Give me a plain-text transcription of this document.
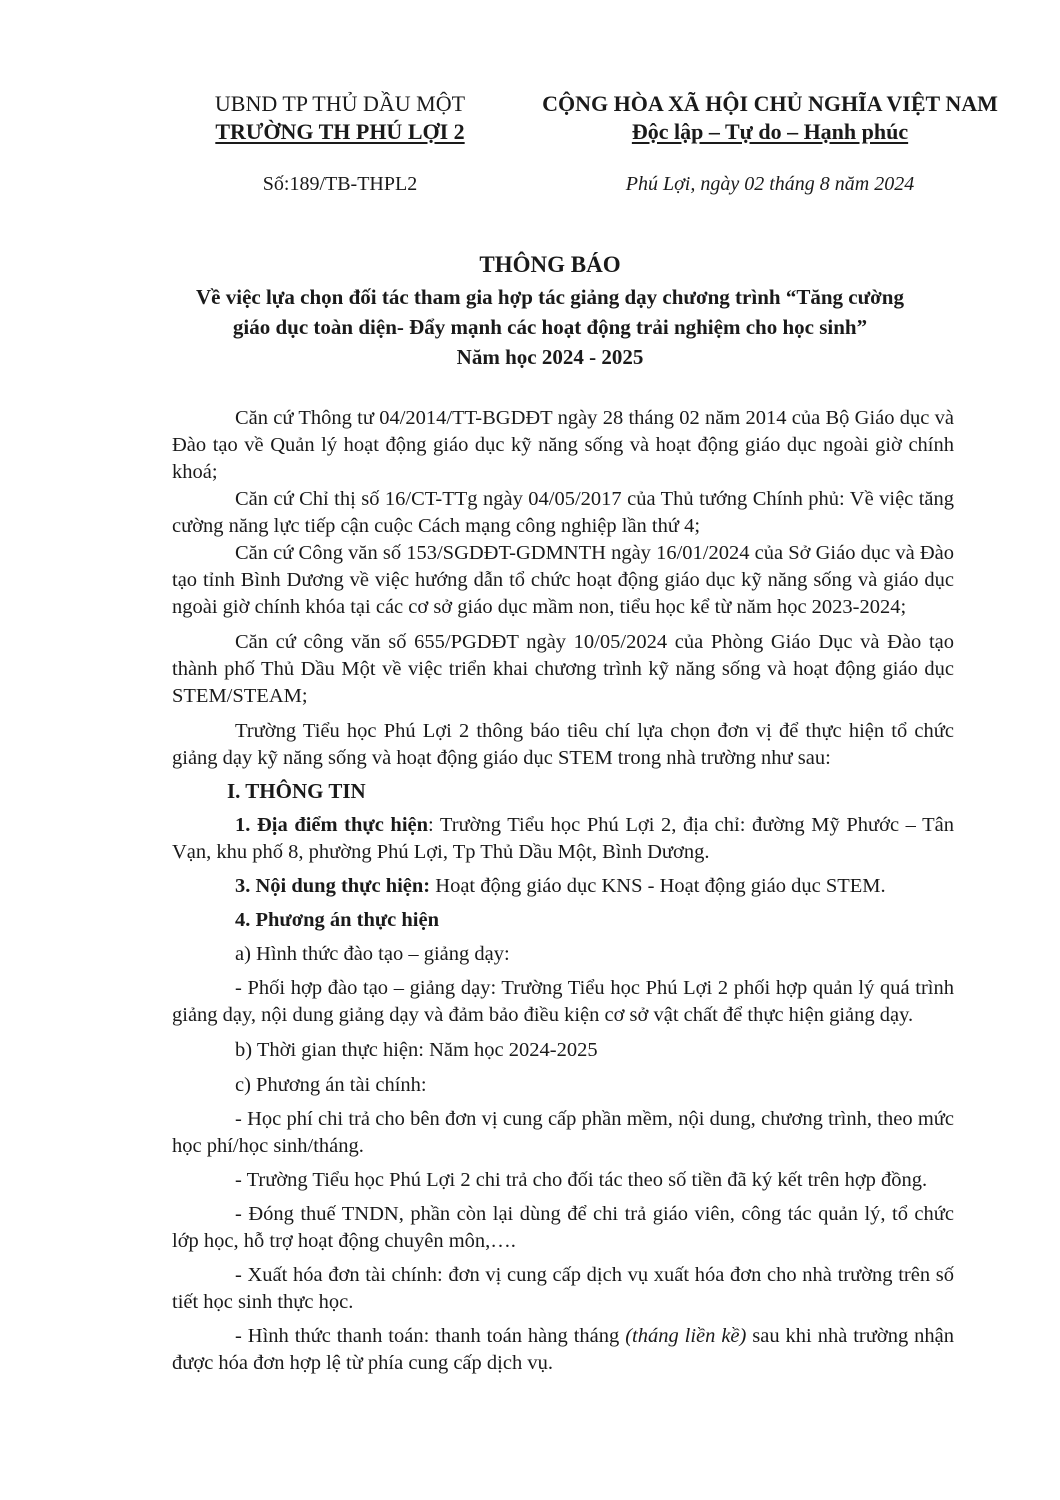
UBND TP THỦ DẦU MỘT
TRƯỜNG TH PHÚ LỢI 2
CỘNG HÒA XÃ HỘI CHỦ NGHĨA VIỆT NAM
Độc lập – Tự do – Hạnh phúc
Số:189/TB-THPL2	Phú Lợi, ngày 02 tháng 8 năm 2024
THÔNG BÁO
Về việc lựa chọn đối tác tham gia hợp tác giảng dạy chương trình “Tăng cường
giáo dục toàn diện- Đẩy mạnh các hoạt động trải nghiệm cho học sinh”
Năm học 2024 - 2025

Căn cứ Thông tư 04/2014/TT-BGDĐT ngày 28 tháng 02 năm 2014 của Bộ Giáo dục và Đào tạo về Quản lý hoạt động giáo dục kỹ năng sống và hoạt động giáo dục ngoài giờ chính khoá;

Căn cứ Chỉ thị số 16/CT-TTg ngày 04/05/2017 của Thủ tướng Chính phủ: Về việc tăng cường năng lực tiếp cận cuộc Cách mạng công nghiệp lần thứ 4;

Căn cứ Công văn số 153/SGDĐT-GDMNTH ngày 16/01/2024 của Sở Giáo dục và Đào tạo tỉnh Bình Dương về việc hướng dẫn tổ chức hoạt động giáo dục kỹ năng sống và giáo dục ngoài giờ chính khóa tại các cơ sở giáo dục mầm non, tiểu học kể từ năm học 2023-2024;

Căn cứ công văn số 655/PGDĐT ngày 10/05/2024 của Phòng Giáo Dục và Đào tạo thành phố Thủ Dầu Một về việc triển khai chương trình kỹ năng sống và hoạt động giáo dục STEM/STEAM;

Trường Tiểu học Phú Lợi 2 thông báo tiêu chí lựa chọn đơn vị để thực hiện tổ chức giảng dạy kỹ năng sống và hoạt động giáo dục STEM trong nhà trường như sau:

I. THÔNG TIN

1. Địa điểm thực hiện: Trường Tiểu học Phú Lợi 2, địa chỉ: đường Mỹ Phước – Tân Vạn, khu phố 8, phường Phú Lợi, Tp Thủ Dầu Một, Bình Dương.

3. Nội dung thực hiện: Hoạt động giáo dục KNS - Hoạt động giáo dục STEM.

4. Phương án thực hiện

a) Hình thức đào tạo – giảng dạy:

- Phối hợp đào tạo – giảng dạy: Trường Tiểu học Phú Lợi 2 phối hợp quản lý quá trình giảng dạy, nội dung giảng dạy và đảm bảo điều kiện cơ sở vật chất để thực hiện giảng dạy.

b) Thời gian thực hiện: Năm học 2024-2025

c) Phương án tài chính:

- Học phí chi trả cho bên đơn vị cung cấp phần mềm, nội dung, chương trình, theo mức học phí/học sinh/tháng.

- Trường Tiểu học Phú Lợi 2 chi trả cho đối tác theo số tiền đã ký kết trên hợp đồng.

- Đóng thuế TNDN, phần còn lại dùng để chi trả giáo viên, công tác quản lý, tổ chức lớp học, hỗ trợ hoạt động chuyên môn,….

- Xuất hóa đơn tài chính: đơn vị cung cấp dịch vụ xuất hóa đơn cho nhà trường trên số tiết học sinh thực học.

- Hình thức thanh toán: thanh toán hàng tháng (tháng liền kề) sau khi nhà trường nhận được hóa đơn hợp lệ từ phía cung cấp dịch vụ.
